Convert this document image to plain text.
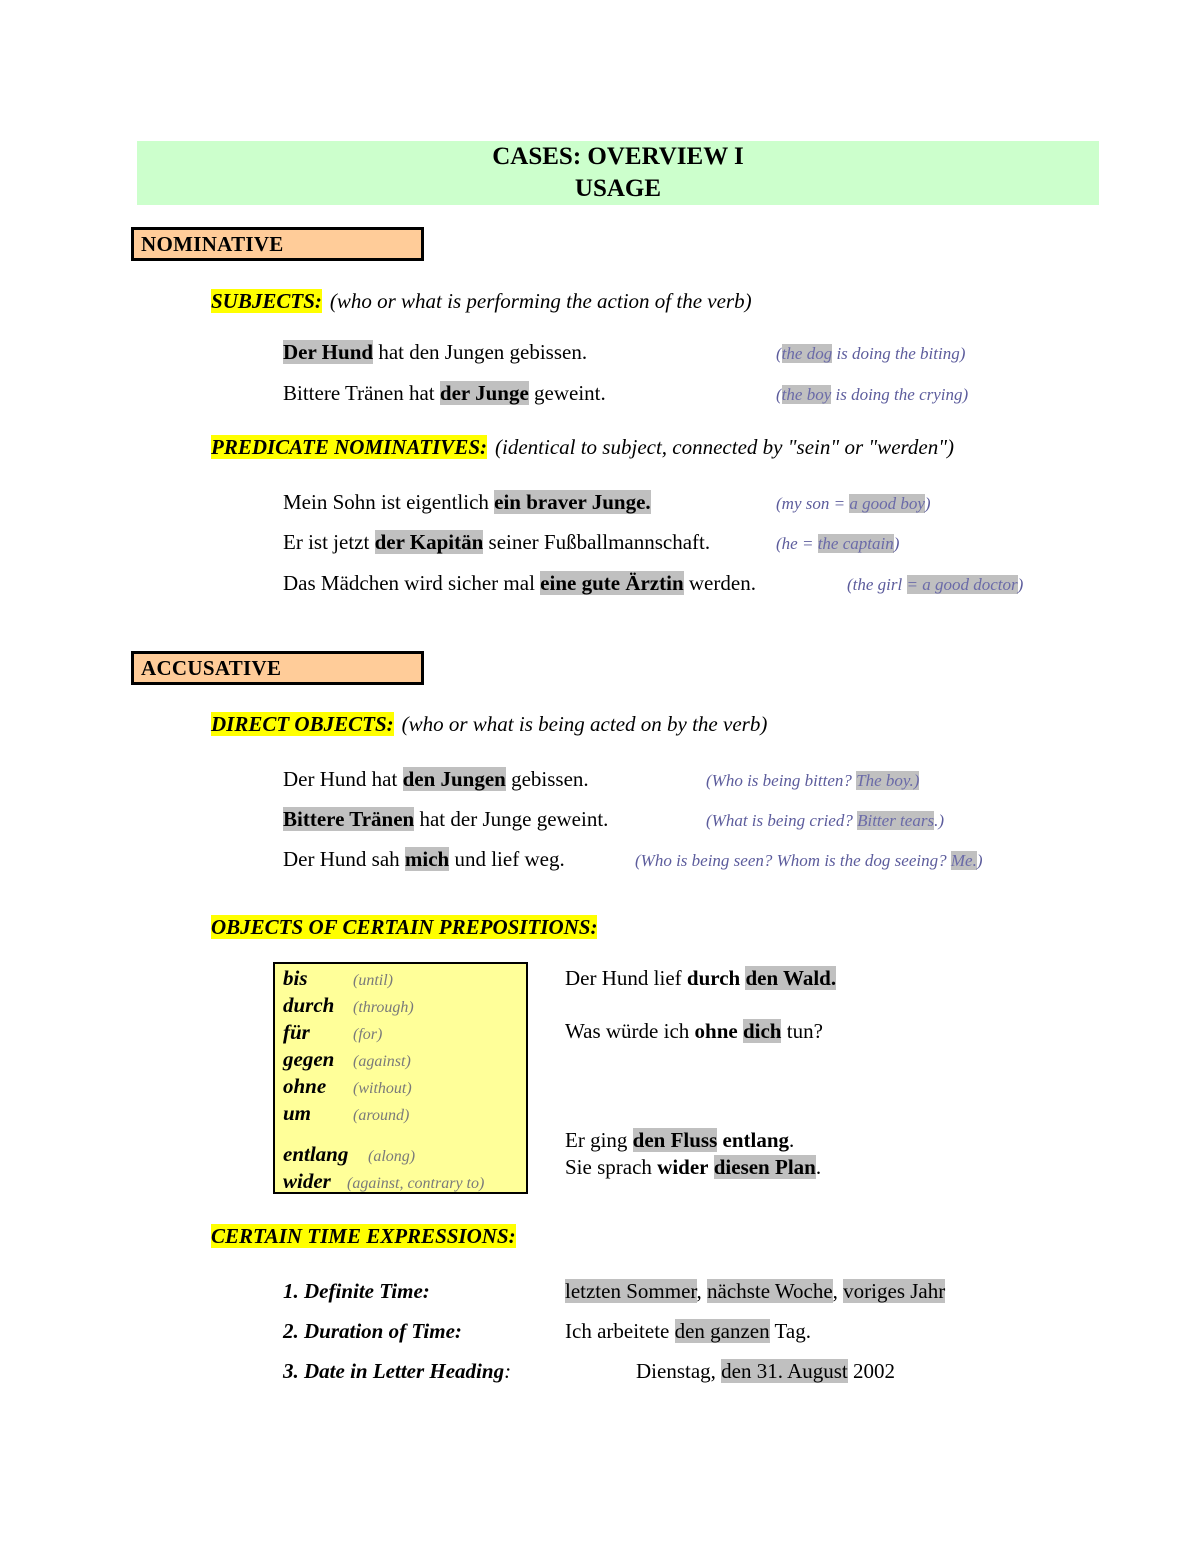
CASES: OVERVIEW I
USAGE
NOMINATIVE
SUBJECTS: (who or what is performing the action of the verb)
Der Hund hat den Jungen gebissen.	(the dog is doing the biting)
Bittere Tränen hat der Junge geweint.	(the boy is doing the crying)
PREDICATE NOMINATIVES: (identical to subject, connected by "sein" or "werden")
Mein Sohn ist eigentlich ein braver Junge.	(my son = a good boy)
Er ist jetzt der Kapitän seiner Fußballmannschaft.	(he = the captain)
Das Mädchen wird sicher mal eine gute Ärztin werden.	(the girl = a good doctor)
ACCUSATIVE
DIRECT OBJECTS: (who or what is being acted on by the verb)
Der Hund hat den Jungen gebissen.	(Who is being bitten? The boy.)
Bittere Tränen hat der Junge geweint.	(What is being cried? Bitter tears.)
Der Hund sah mich und lief weg.	(Who is being seen? Whom is the dog seeing? Me.)
OBJECTS OF CERTAIN PREPOSITIONS:
bis	(until)
durch (through)
für	(for)
gegen (against)
ohne (without)
um	(around)
entlang (along)
wider (against, contrary to)
Der Hund lief durch den Wald.
Was würde ich ohne dich tun?
Er ging den Fluss entlang.
Sie sprach wider diesen Plan.
CERTAIN TIME EXPRESSIONS:
1. Definite Time:	letzten Sommer, nächste Woche, voriges Jahr
2. Duration of Time:	Ich arbeitete den ganzen Tag.
3. Date in Letter Heading:	Dienstag, den 31. August 2002
